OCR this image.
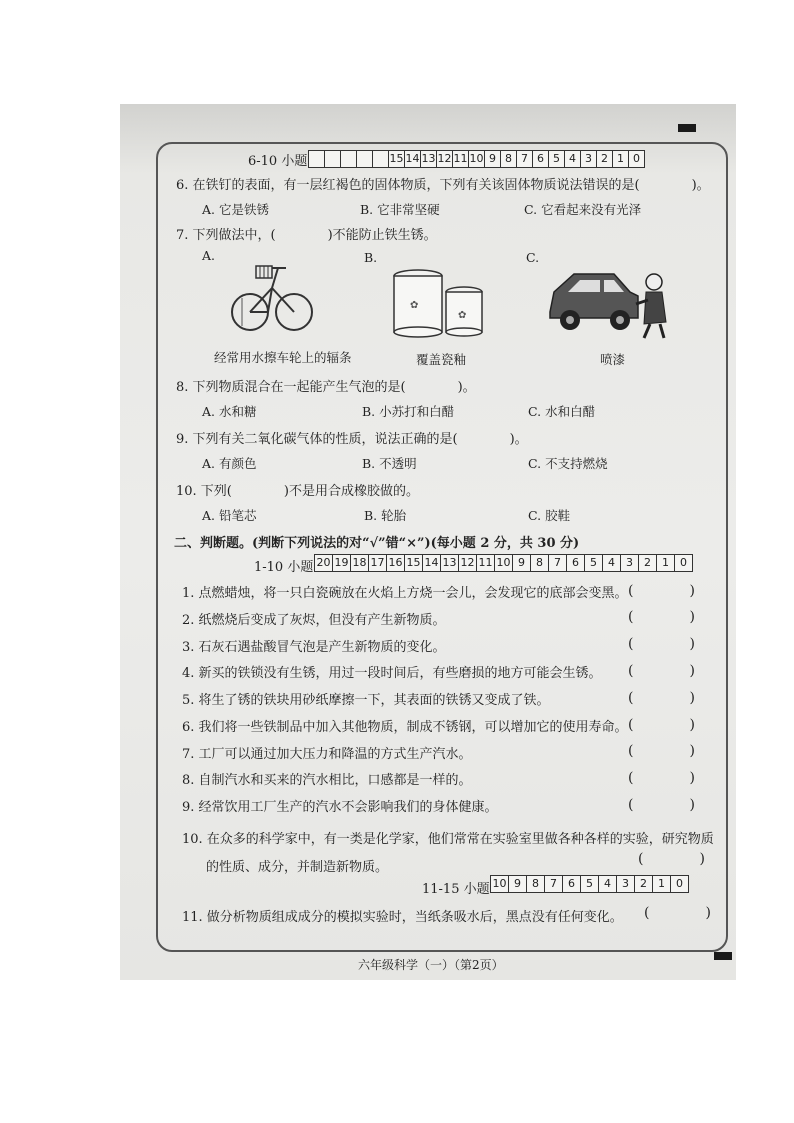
6-10 小题	15 14 13 12 11 10 9 8 7 6 5 4 3 2 1 0
6. 在铁钉的表面，有一层红褐色的固体物质，下列有关该固体物质说法错误的是(　　　　)。
A. 它是铁锈	B. 它非常坚硬	C. 它看起来没有光泽
7. 下列做法中，(　　　　)不能防止铁生锈。
A.	B.	C.
经常用水擦车轮上的辐条
✿
✿
覆盖瓷釉	喷漆
8. 下列物质混合在一起能产生气泡的是(　　　　)。
A. 水和糖	B. 小苏打和白醋	C. 水和白醋
9. 下列有关二氧化碳气体的性质，说法正确的是(　　　　)。
A. 有颜色	B. 不透明	C. 不支持燃烧
10. 下列(　　　　)不是用合成橡胶做的。
A. 铅笔芯	B. 轮胎	C. 胶鞋
二、判断题。(判断下列说法的对“√”错“×”)(每小题 2 分，共 30 分)
1-10 小题 20 19 18 17 16 15 14 13 12 11 10 9	8	7	6	5	4	3	2	1	0
1. 点燃蜡烛，将一只白瓷碗放在火焰上方烧一会儿，会发现它的底部会变黑。 (　　　　)
2. 纸燃烧后变成了灰烬，但没有产生新物质。	(　　　　)
3. 石灰石遇盐酸冒气泡是产生新物质的变化。	(　　　　)
4. 新买的铁锁没有生锈，用过一段时间后，有些磨损的地方可能会生锈。 (　　　　)
5. 将生了锈的铁块用砂纸摩擦一下，其表面的铁锈又变成了铁。	(　　　　)
6. 我们将一些铁制品中加入其他物质，制成不锈钢，可以增加它的使用寿命。 (　　　　)
7. 工厂可以通过加大压力和降温的方式生产汽水。	(　　　　)
8. 自制汽水和买来的汽水相比，口感都是一样的。	(　　　　)
9. 经常饮用工厂生产的汽水不会影响我们的身体健康。	(　　　　)
10. 在众多的科学家中，有一类是化学家，他们常常在实验室里做各种各样的实验，研究物质
(　　　　)
的性质、成分，并制造新物质。
11-15 小题 10 9	8	7	6	5	4	3	2	1	0
11. 做分析物质组成成分的模拟实验时，当纸条吸水后，黑点没有任何变化。 (　　　　)
六年级科学（一）（第2页）
